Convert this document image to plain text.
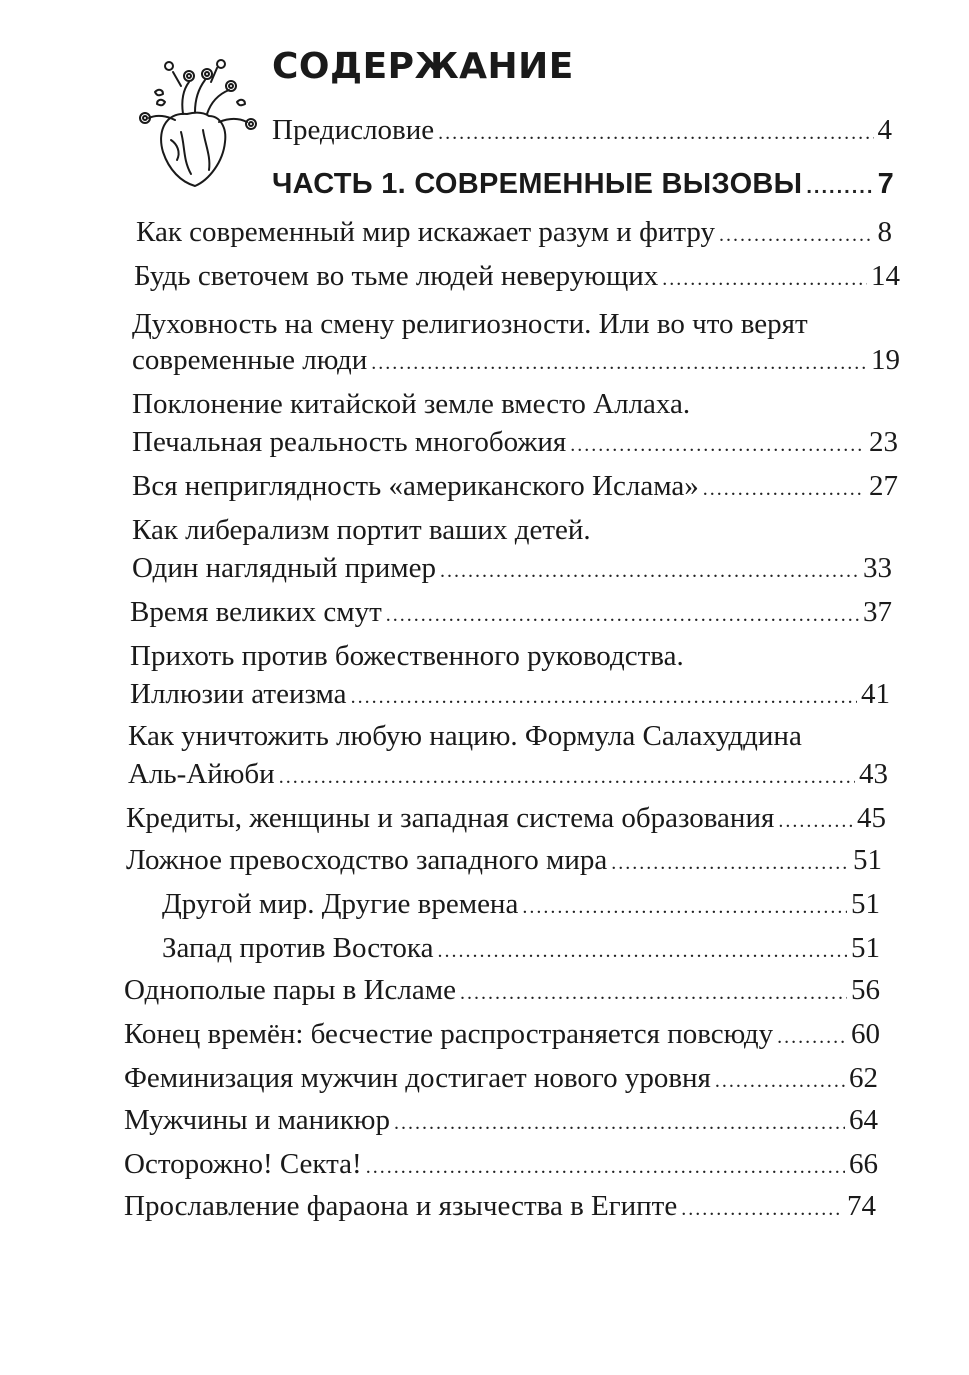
СОДЕРЖАНИЕ
Предисловие .....	4
ЧАСТЬ 1. СОВРЕМЕННЫЕ ВЫЗОВЫ .....	7
Как современный мир искажает разум и фитру .....	8
Будь светочем во тьме людей неверующих .....	14
Духовность на смену религиозности. Или во что верят
современные люди .....	19
Поклонение китайской земле вместо Аллаха.
Печальная реальность многобожия .....	23
Вся неприглядность «американского Ислама» .....	27
Как либерализм портит ваших детей.
Один наглядный пример .....	33
Время великих смут .....	37
Прихоть против божественного руководства.
Иллюзии атеизма .....	41
Как уничтожить любую нацию. Формула Салахуддина
Аль-Айюби .....	43
Кредиты, женщины и западная система образования .....	45
Ложное превосходство западного мира .....	51
Другой мир. Другие времена .....	51
Запад против Востока .....	51
Однополые пары в Исламе .....	56
Конец времён: бесчестие распространяется повсюду .....	60
Феминизация мужчин достигает нового уровня .....	62
Мужчины и маникюр .....	64
Осторожно! Секта! .....	66
Прославление фараона и язычества в Египте .....	74
